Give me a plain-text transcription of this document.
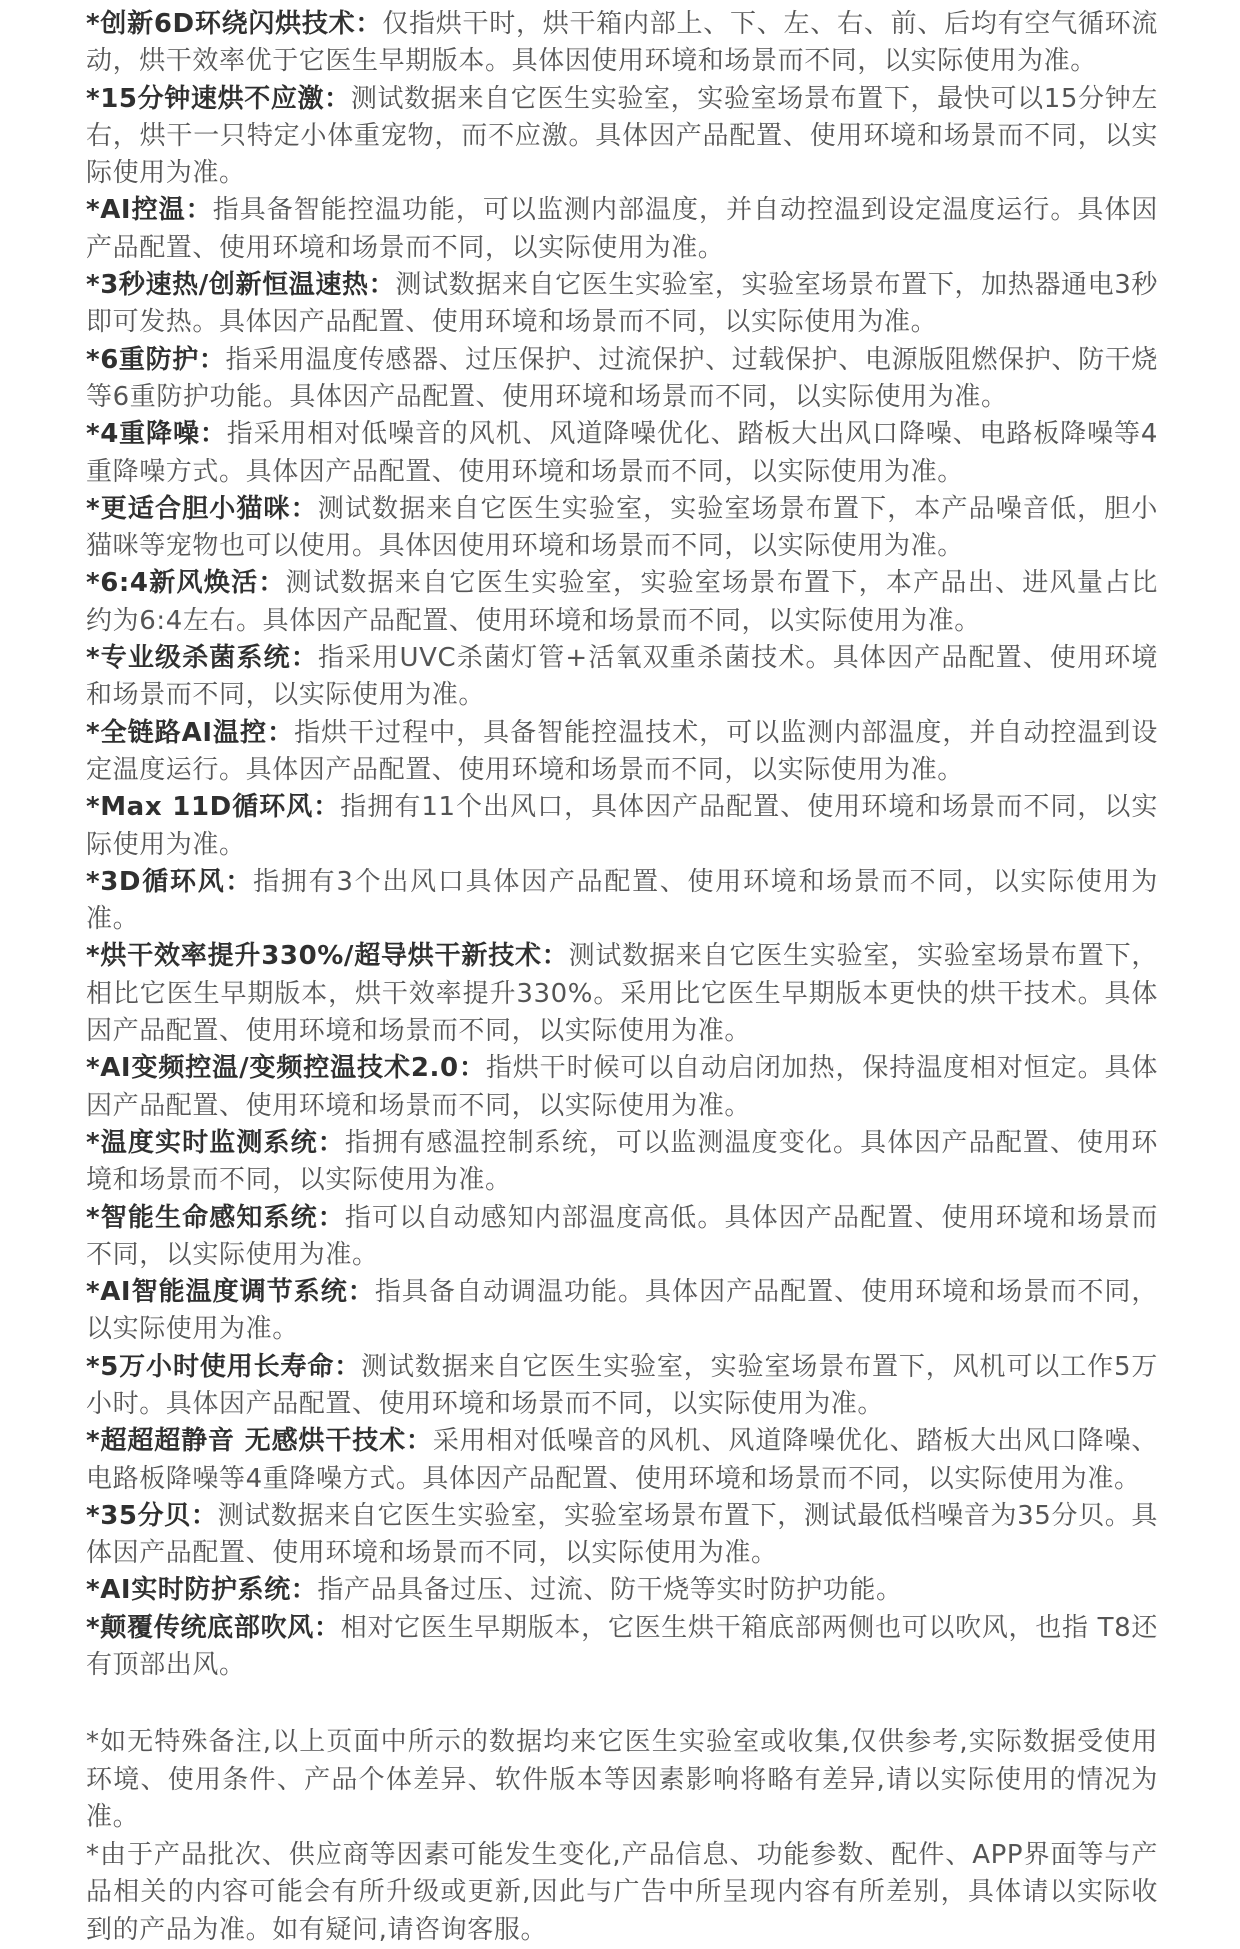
*创新6D环绕闪烘技术：仅指烘干时，烘干箱内部上、下、左、右、前、后均有空气循环流动，烘干效率优于它医生早期版本。具体因使用环境和场景而不同，以实际使用为准。

*15分钟速烘不应激：测试数据来自它医生实验室，实验室场景布置下，最快可以15分钟左右，烘干一只特定小体重宠物，而不应激。具体因产品配置、使用环境和场景而不同，以实际使用为准。

*AI控温：指具备智能控温功能，可以监测内部温度，并自动控温到设定温度运行。具体因产品配置、使用环境和场景而不同，以实际使用为准。

*3秒速热/创新恒温速热：测试数据来自它医生实验室，实验室场景布置下，加热器通电3秒即可发热。具体因产品配置、使用环境和场景而不同，以实际使用为准。

*6重防护：指采用温度传感器、过压保护、过流保护、过载保护、电源版阻燃保护、防干烧等6重防护功能。具体因产品配置、使用环境和场景而不同，以实际使用为准。

*4重降噪：指采用相对低噪音的风机、风道降噪优化、踏板大出风口降噪、电路板降噪等4重降噪方式。具体因产品配置、使用环境和场景而不同，以实际使用为准。

*更适合胆小猫咪：测试数据来自它医生实验室，实验室场景布置下，本产品噪音低，胆小猫咪等宠物也可以使用。具体因使用环境和场景而不同，以实际使用为准。

*6:4新风焕活：测试数据来自它医生实验室，实验室场景布置下，本产品出、进风量占比约为6:4左右。具体因产品配置、使用环境和场景而不同，以实际使用为准。

*专业级杀菌系统：指采用UVC杀菌灯管+活氧双重杀菌技术。具体因产品配置、使用环境和场景而不同，以实际使用为准。

*全链路AI温控：指烘干过程中，具备智能控温技术，可以监测内部温度，并自动控温到设定温度运行。具体因产品配置、使用环境和场景而不同，以实际使用为准。

*Max 11D循环风：指拥有11个出风口，具体因产品配置、使用环境和场景而不同，以实际使用为准。

*3D循环风：指拥有3个出风口具体因产品配置、使用环境和场景而不同，以实际使用为准。

*烘干效率提升330%/超导烘干新技术：测试数据来自它医生实验室，实验室场景布置下，相比它医生早期版本，烘干效率提升330%。采用比它医生早期版本更快的烘干技术。具体因产品配置、使用环境和场景而不同，以实际使用为准。

*AI变频控温/变频控温技术2.0：指烘干时候可以自动启闭加热，保持温度相对恒定。具体因产品配置、使用环境和场景而不同，以实际使用为准。

*温度实时监测系统：指拥有感温控制系统，可以监测温度变化。具体因产品配置、使用环境和场景而不同，以实际使用为准。

*智能生命感知系统：指可以自动感知内部温度高低。具体因产品配置、使用环境和场景而不同，以实际使用为准。

*AI智能温度调节系统：指具备自动调温功能。具体因产品配置、使用环境和场景而不同，以实际使用为准。

*5万小时使用长寿命：测试数据来自它医生实验室，实验室场景布置下，风机可以工作5万小时。具体因产品配置、使用环境和场景而不同，以实际使用为准。

*超超超静音 无感烘干技术：采用相对低噪音的风机、风道降噪优化、踏板大出风口降噪、电路板降噪等4重降噪方式。具体因产品配置、使用环境和场景而不同，以实际使用为准。

*35分贝：测试数据来自它医生实验室，实验室场景布置下，测试最低档噪音为35分贝。具体因产品配置、使用环境和场景而不同，以实际使用为准。

*AI实时防护系统：指产品具备过压、过流、防干烧等实时防护功能。

*颠覆传统底部吹风：相对它医生早期版本，它医生烘干箱底部两侧也可以吹风，也指 T8还有顶部出风。

*如无特殊备注,以上页面中所示的数据均来它医生实验室或收集,仅供参考,实际数据受使用环境、使用条件、产品个体差异、软件版本等因素影响将略有差异,请以实际使用的情况为准。

*由于产品批次、供应商等因素可能发生变化,产品信息、功能参数、配件、APP界面等与产品相关的内容可能会有所升级或更新,因此与广告中所呈现内容有所差别，具体请以实际收到的产品为准。如有疑问,请咨询客服。
